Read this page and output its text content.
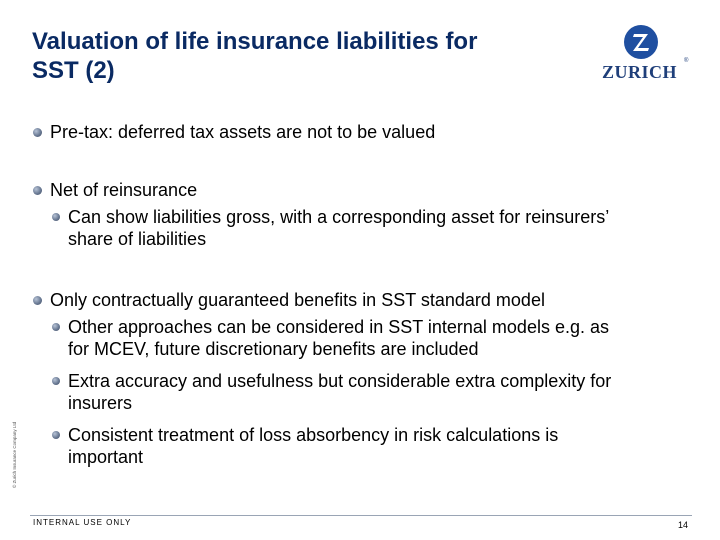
Valuation of life insurance liabilities for
SST (2)	ZURICH
®
Pre-tax: deferred tax assets are not to be valued
Net of reinsurance
Can show liabilities gross, with a corresponding asset for reinsurers’
share of liabilities
Only contractually guaranteed benefits in SST standard model
Other approaches can be considered in SST internal models e.g. as
for MCEV, future discretionary benefits are included
Extra accuracy and usefulness but considerable extra complexity for
insurers
Consistent treatment of loss absorbency in risk calculations is
important
© Zurich Insurance Company Ltd
INTERNAL USE ONLY	14
